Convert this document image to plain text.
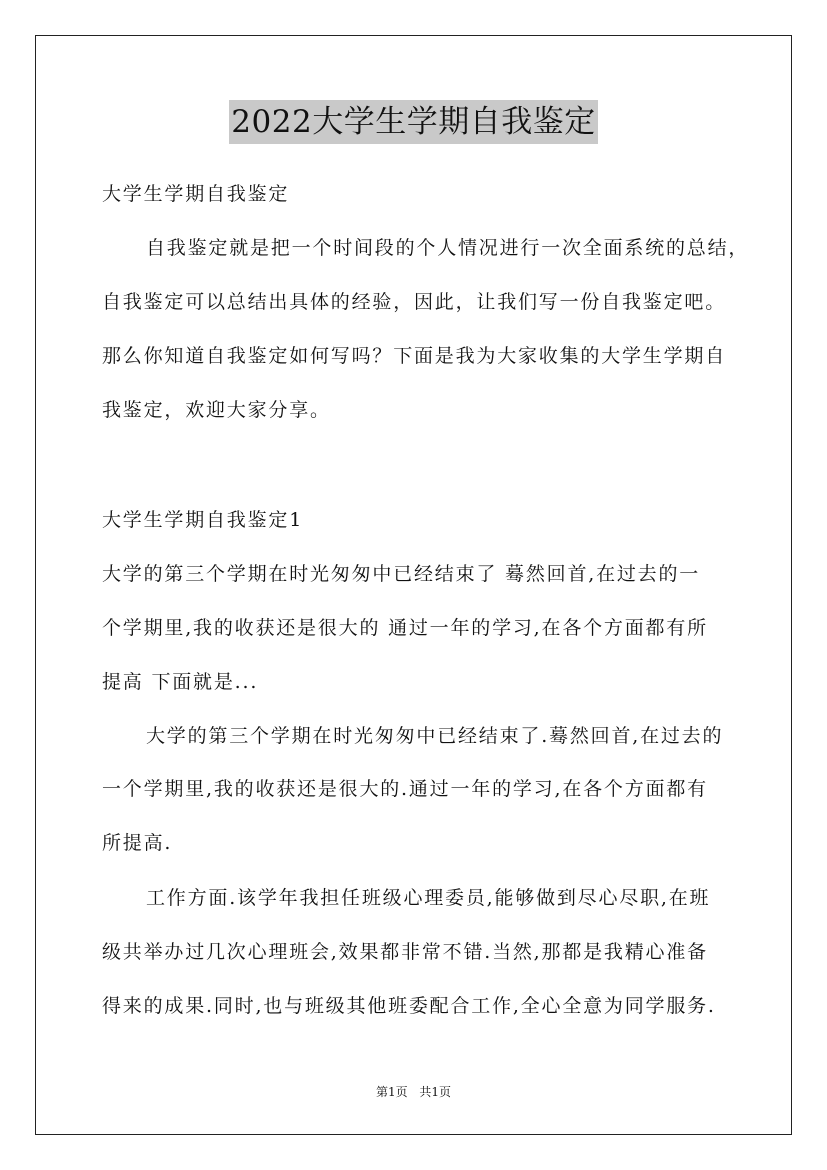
2022大学生学期自我鉴定
大学生学期自我鉴定
自我鉴定就是把一个时间段的个人情况进行一次全面系统的总结，
自我鉴定可以总结出具体的经验，因此，让我们写一份自我鉴定吧。
那么你知道自我鉴定如何写吗？下面是我为大家收集的大学生学期自
我鉴定，欢迎大家分享。
大学生学期自我鉴定1
大学的第三个学期在时光匆匆中已经结束了 蓦然回首,在过去的一
个学期里,我的收获还是很大的 通过一年的学习,在各个方面都有所
提高 下面就是...
大学的第三个学期在时光匆匆中已经结束了.蓦然回首,在过去的
一个学期里,我的收获还是很大的.通过一年的学习,在各个方面都有
所提高.
工作方面.该学年我担任班级心理委员,能够做到尽心尽职,在班
级共举办过几次心理班会,效果都非常不错.当然,那都是我精心准备
得来的成果.同时,也与班级其他班委配合工作,全心全意为同学服务.
第1页 共1页
